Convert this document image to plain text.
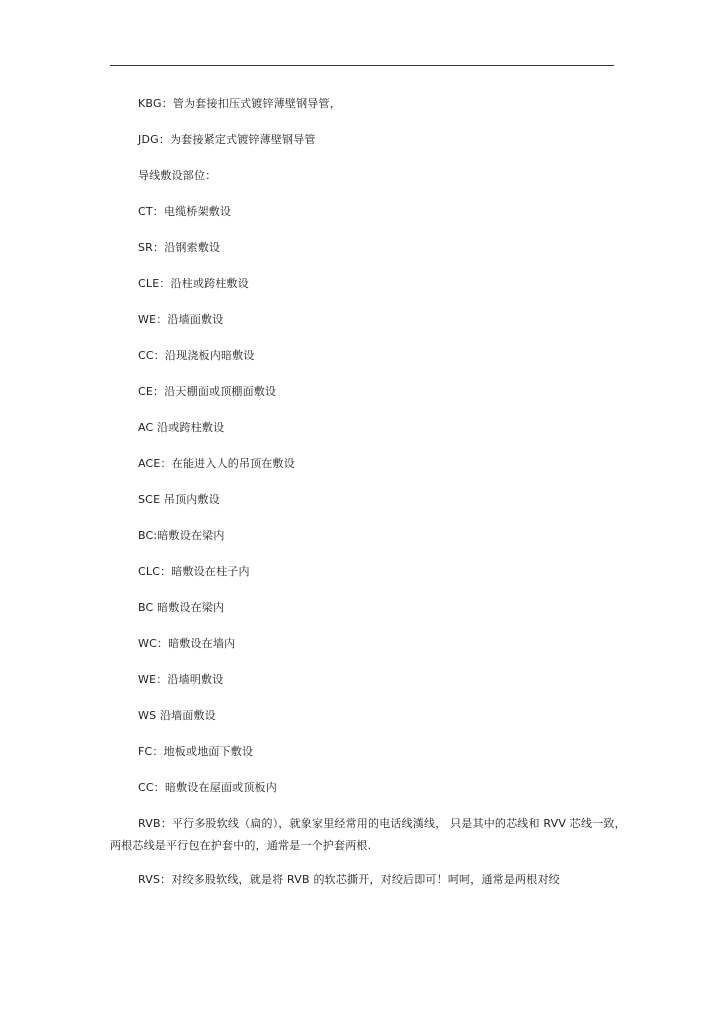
KBG：管为套接扣压式镀锌薄壁钢导管，
JDG：为套接紧定式镀锌薄壁钢导管
导线敷设部位：
CT：电缆桥架敷设
SR：沿钢索敷设
CLE：沿柱或跨柱敷设
WE：沿墙面敷设
CC：沿现浇板内暗敷设
CE：沿天棚面或顶棚面敷设
AC 沿或跨柱敷设
ACE：在能进入人的吊顶在敷设
SCE 吊顶内敷设
BC:暗敷设在梁内
CLC：暗敷设在柱子内
BC 暗敷设在梁内
WC：暗敷设在墙内
WE：沿墙明敷设
WS 沿墙面敷设
FC：地板或地面下敷设
CC：暗敷设在屋面或顶板内
RVB：平行多股软线（扁的），就象家里经常用的电话线漢线， 只是其中的芯线和 RVV 芯线一致，两根芯线是平行包在护套中的，通常是一个护套两根.
RVS：对绞多股软线，就是将 RVB 的软芯撕开，对绞后即可！呵呵，通常是两根对绞
